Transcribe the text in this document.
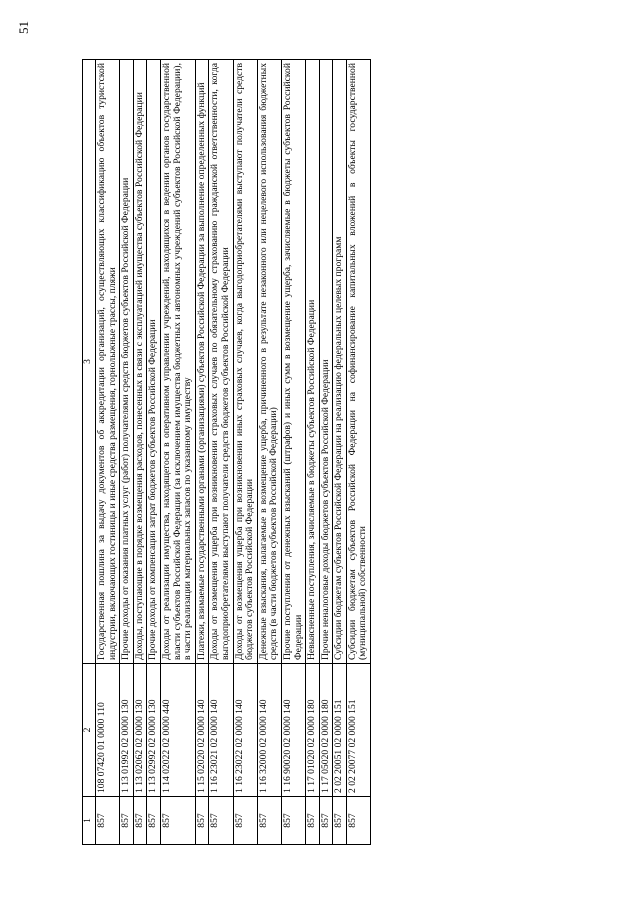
51
1	2	3
857	108 07420 01 0000 110	Государственная пошлина за выдачу документов об аккредитации организаций, осуществляющих классификацию объектов туристской индустрии, включающих гостиницы и иные средства размещения, горнолыжные трассы, пляжи
857	1 13 01992 02 0000 130	Прочие доходы от оказания платных услуг (работ) получателями средств бюджетов субъектов Российской Федерации
857	1 13 02062 02 0000 130	Доходы, поступающие в порядке возмещения расходов, понесенных в связи с эксплуатацией имущества субъектов Российской Федерации
857	1 13 02992 02 0000 130	Прочие доходы от компенсации затрат бюджетов субъектов Российской Федерации
857	1 14 02022 02 0000 440	Доходы от реализации имущества, находящегося в оперативном управлении учреждений, находящихся в ведении органов государственной власти субъектов Российской Федерации (за исключением имущества бюджетных и автономных учреждений субъектов Российской Федерации), в части реализации материальных запасов по указанному имуществу
857	1 15 02020 02 0000 140	Платежи, взимаемые государственными органами (организациями) субъектов Российской Федерации за выполнение определенных функций
857	1 16 23021 02 0000 140	Доходы от возмещения ущерба при возникновении страховых случаев по обязательному страхованию гражданской ответственности, когда выгодоприобретателями выступают получатели средств бюджетов субъектов Российской Федерации
857	1 16 23022 02 0000 140	Доходы от возмещения ущерба при возникновении иных страховых случаев, когда выгодоприобретателями выступают получатели средств бюджетов субъектов Российской Федерации
857	1 16 32000 02 0000 140	Денежные взыскания, налагаемые в возмещение ущерба, причиненного в результате незаконного или нецелевого использования бюджетных средств (в части бюджетов субъектов Российской Федерации)
857	1 16 90020 02 0000 140	Прочие поступления от денежных взысканий (штрафов) и иных сумм в возмещение ущерба, зачисляемые в бюджеты субъектов Российской Федерации
857	1 17 01020 02 0000 180	Невыясненные поступления, зачисляемые в бюджеты субъектов Российской Федерации
857	1 17 05020 02 0000 180	Прочие неналоговые доходы бюджетов субъектов Российской Федерации
857	2 02 20051 02 0000 151	Субсидии бюджетам субъектов Российской Федерации на реализацию федеральных целевых программ
857	2 02 20077 02 0000 151	Субсидии бюджетам субъектов Российской Федерации на софинансирование капитальных вложений в объекты государственной (муниципальной) собственности
